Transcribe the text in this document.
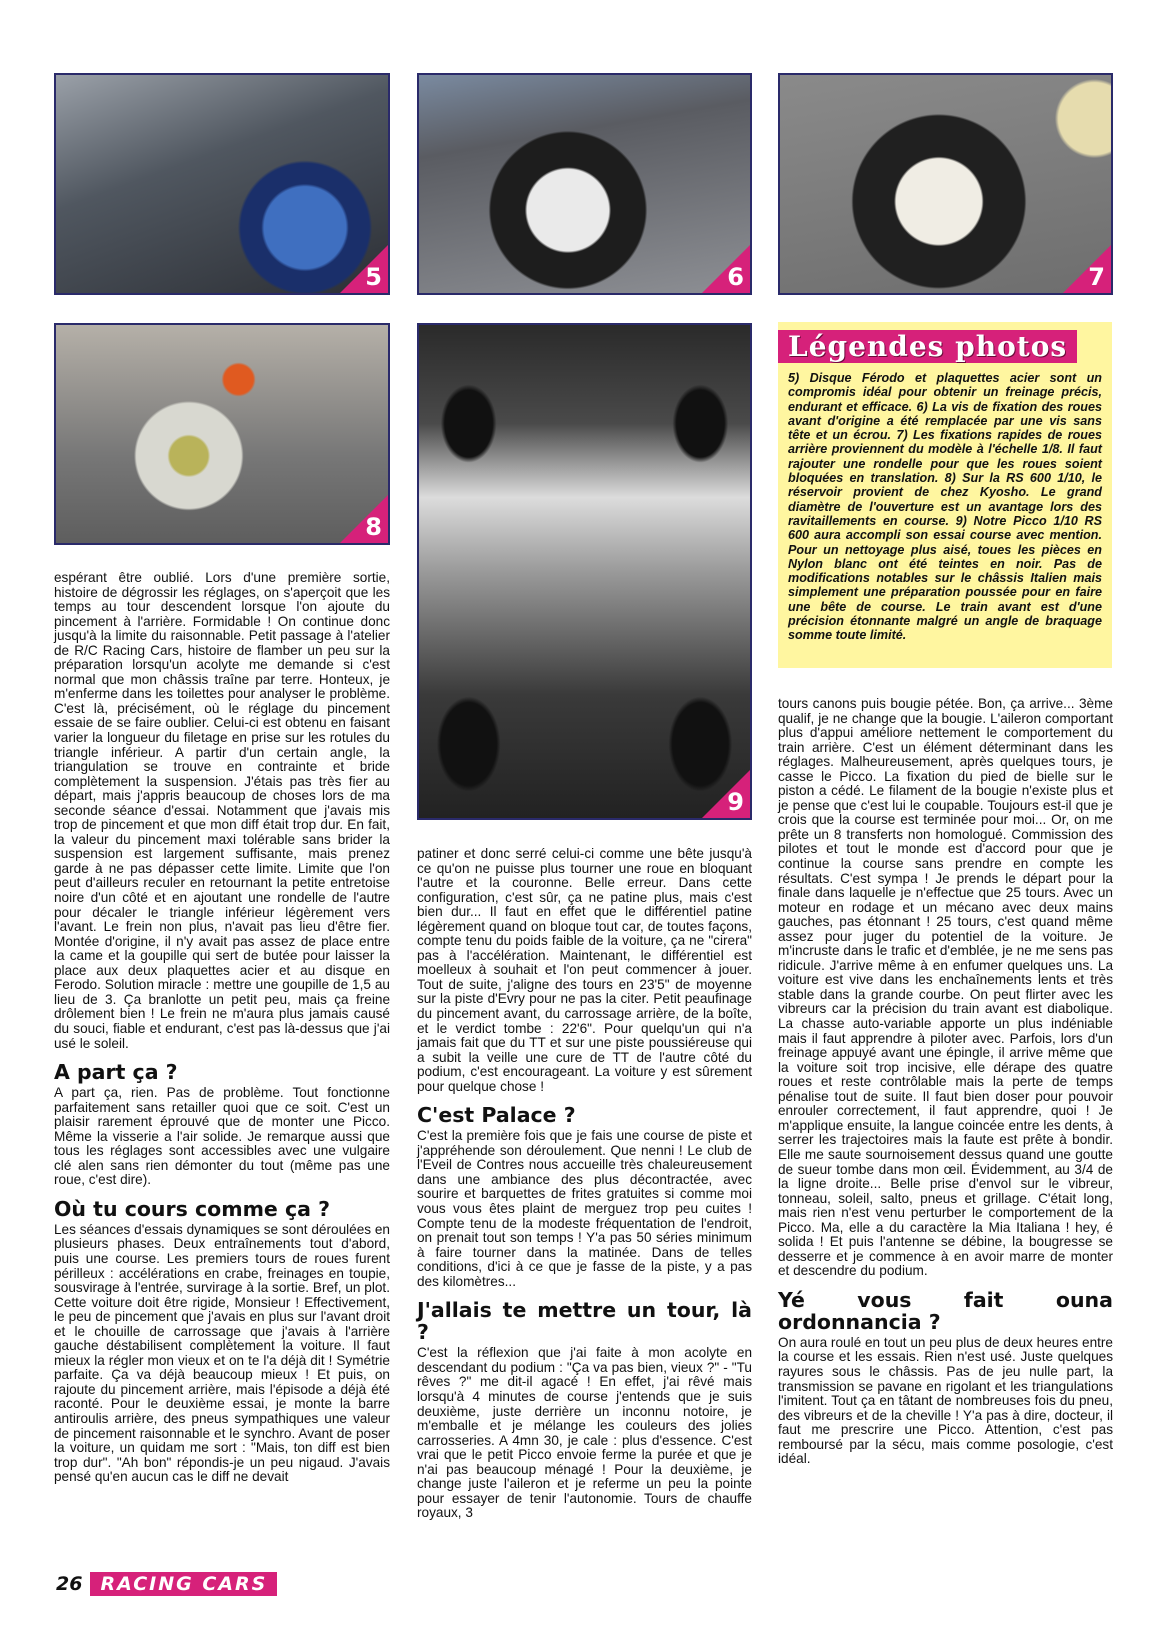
5	6	7
8
9
Légendes photos

5) Disque Férodo et plaquettes acier sont un compromis idéal pour obtenir un freinage précis, endurant et efficace. 6) La vis de fixation des roues avant d'origine a été remplacée par une vis sans tête et un écrou. 7) Les fixations rapides de roues arrière proviennent du modèle à l'échelle 1/8. Il faut rajouter une rondelle pour que les roues soient bloquées en translation. 8) Sur la RS 600 1/10, le réservoir provient de chez Kyosho. Le grand diamètre de l'ouverture est un avantage lors des ravitaillements en course. 9) Notre Picco 1/10 RS 600 aura accompli son essai course avec mention. Pour un nettoyage plus aisé, toues les pièces en Nylon blanc ont été teintes en noir. Pas de modifications notables sur le châssis Italien mais simplement une préparation poussée pour en faire une bête de course. Le train avant est d'une précision étonnante malgré un angle de braquage somme toute limité.

espérant être oublié. Lors d'une première sortie, histoire de dégrossir les réglages, on s'aperçoit que les temps au tour descendent lorsque l'on ajoute du pincement à l'arrière. Formidable ! On continue donc jusqu'à la limite du raisonnable. Petit passage à l'atelier de R/C Racing Cars, histoire de flamber un peu sur la préparation lorsqu'un acolyte me demande si c'est normal que mon châssis traîne par terre. Honteux, je m'enferme dans les toilettes pour analyser le problème. C'est là, précisément, où le réglage du pincement essaie de se faire oublier. Celui-ci est obtenu en faisant varier la longueur du filetage en prise sur les rotules du triangle inférieur. A partir d'un certain angle, la triangulation se trouve en contrainte et bride complètement la suspension. J'étais pas très fier au départ, mais j'appris beaucoup de choses lors de ma seconde séance d'essai. Notamment que j'avais mis trop de pincement et que mon diff était trop dur. En fait, la valeur du pincement maxi tolérable sans brider la suspension est largement suffisante, mais prenez garde à ne pas dépasser cette limite. Limite que l'on peut d'ailleurs reculer en retournant la petite entretoise noire d'un côté et en ajoutant une rondelle de l'autre pour décaler le triangle inférieur légèrement vers l'avant. Le frein non plus, n'avait pas lieu d'être fier. Montée d'origine, il n'y avait pas assez de place entre la came et la goupille qui sert de butée pour laisser la place aux deux plaquettes acier et au disque en Ferodo. Solution miracle : mettre une goupille de 1,5 au lieu de 3. Ça branlotte un petit peu, mais ça freine drôlement bien ! Le frein ne m'aura plus jamais causé du souci, fiable et endurant, c'est pas là-dessus que j'ai usé le soleil.

A part ça ?

A part ça, rien. Pas de problème. Tout fonctionne parfaitement sans retailler quoi que ce soit. C'est un plaisir rarement éprouvé que de monter une Picco. Même la visserie a l'air solide. Je remarque aussi que tous les réglages sont accessibles avec une vulgaire clé alen sans rien démonter du tout (même pas une roue, c'est dire).

Où tu cours comme ça ?

Les séances d'essais dynamiques se sont déroulées en plusieurs phases. Deux entraînements tout d'abord, puis une course. Les premiers tours de roues furent périlleux : accélérations en crabe, freinages en toupie, sousvirage à l'entrée, survirage à la sortie. Bref, un plot. Cette voiture doit être rigide, Monsieur ! Effectivement, le peu de pincement que j'avais en plus sur l'avant droit et le chouille de carrossage que j'avais à l'arrière gauche déstabilisent complètement la voiture. Il faut mieux la régler mon vieux et on te l'a déjà dit ! Symétrie parfaite. Ça va déjà beaucoup mieux ! Et puis, on rajoute du pincement arrière, mais l'épisode a déjà été raconté. Pour le deuxième essai, je monte la barre antiroulis arrière, des pneus sympathiques une valeur de pincement raisonnable et le synchro. Avant de poser la voiture, un quidam me sort : "Mais, ton diff est bien trop dur". "Ah bon" répondis-je un peu nigaud. J'avais pensé qu'en aucun cas le diff ne devait

patiner et donc serré celui-ci comme une bête jusqu'à ce qu'on ne puisse plus tourner une roue en bloquant l'autre et la couronne. Belle erreur. Dans cette configuration, c'est sûr, ça ne patine plus, mais c'est bien dur... Il faut en effet que le différentiel patine légèrement quand on bloque tout car, de toutes façons, compte tenu du poids faible de la voiture, ça ne "cirera" pas à l'accélération. Maintenant, le différentiel est moelleux à souhait et l'on peut commencer à jouer. Tout de suite, j'aligne des tours en 23'5" de moyenne sur la piste d'Evry pour ne pas la citer. Petit peaufinage du pincement avant, du carrossage arrière, de la boîte, et le verdict tombe : 22'6". Pour quelqu'un qui n'a jamais fait que du TT et sur une piste poussiéreuse qui a subit la veille une cure de TT de l'autre côté du podium, c'est encourageant. La voiture y est sûrement pour quelque chose !

C'est Palace ?

C'est la première fois que je fais une course de piste et j'appréhende son déroulement. Que nenni ! Le club de l'Eveil de Contres nous accueille très chaleureusement dans une ambiance des plus décontractée, avec sourire et barquettes de frites gratuites si comme moi vous vous êtes plaint de merguez trop peu cuites ! Compte tenu de la modeste fréquentation de l'endroit, on prenait tout son temps ! Y'a pas 50 séries minimum à faire tourner dans la matinée. Dans de telles conditions, d'ici à ce que je fasse de la piste, y a pas des kilomètres...

J'allais te mettre un tour, là ?

C'est la réflexion que j'ai faite à mon acolyte en descendant du podium : "Ça va pas bien, vieux ?" - "Tu rêves ?" me dit-il agacé ! En effet, j'ai rêvé mais lorsqu'à 4 minutes de course j'entends que je suis deuxième, juste derrière un inconnu notoire, je m'emballe et je mélange les couleurs des jolies carrosseries. A 4mn 30, je cale : plus d'essence. C'est vrai que le petit Picco envoie ferme la purée et que je n'ai pas beaucoup ménagé ! Pour la deuxième, je change juste l'aileron et je referme un peu la pointe pour essayer de tenir l'autonomie. Tours de chauffe royaux, 3

tours canons puis bougie pétée. Bon, ça arrive... 3ème qualif, je ne change que la bougie. L'aileron comportant plus d'appui améliore nettement le comportement du train arrière. C'est un élément déterminant dans les réglages. Malheureusement, après quelques tours, je casse le Picco. La fixation du pied de bielle sur le piston a cédé. Le filament de la bougie n'existe plus et je pense que c'est lui le coupable. Toujours est-il que je crois que la course est terminée pour moi... Or, on me prête un 8 transferts non homologué. Commission des pilotes et tout le monde est d'accord pour que je continue la course sans prendre en compte les résultats. C'est sympa ! Je prends le départ pour la finale dans laquelle je n'effectue que 25 tours. Avec un moteur en rodage et un mécano avec deux mains gauches, pas étonnant ! 25 tours, c'est quand même assez pour juger du potentiel de la voiture. Je m'incruste dans le trafic et d'emblée, je ne me sens pas ridicule. J'arrive même à en enfumer quelques uns. La voiture est vive dans les enchaînements lents et très stable dans la grande courbe. On peut flirter avec les vibreurs car la précision du train avant est diabolique. La chasse auto-variable apporte un plus indéniable mais il faut apprendre à piloter avec. Parfois, lors d'un freinage appuyé avant une épingle, il arrive même que la voiture soit trop incisive, elle dérape des quatre roues et reste contrôlable mais la perte de temps pénalise tout de suite. Il faut bien doser pour pouvoir enrouler correctement, il faut apprendre, quoi ! Je m'applique ensuite, la langue coincée entre les dents, à serrer les trajectoires mais la faute est prête à bondir. Elle me saute sournoisement dessus quand une goutte de sueur tombe dans mon œil. Évidemment, au 3/4 de la ligne droite... Belle prise d'envol sur le vibreur, tonneau, soleil, salto, pneus et grillage. C'était long, mais rien n'est venu perturber le comportement de la Picco. Ma, elle a du caractère la Mia Italiana ! hey, é solida ! Et puis l'antenne se débine, la bougresse se desserre et je commence à en avoir marre de monter et descendre du podium.

Yé vous fait ouna ordonnancia ?

On aura roulé en tout un peu plus de deux heures entre la course et les essais. Rien n'est usé. Juste quelques rayures sous le châssis. Pas de jeu nulle part, la transmission se pavane en rigolant et les triangulations l'imitent. Tout ça en tâtant de nombreuses fois du pneu, des vibreurs et de la cheville ! Y'a pas à dire, docteur, il faut me prescrire une Picco. Attention, c'est pas remboursé par la sécu, mais comme posologie, c'est idéal.

26 RACING CARS
